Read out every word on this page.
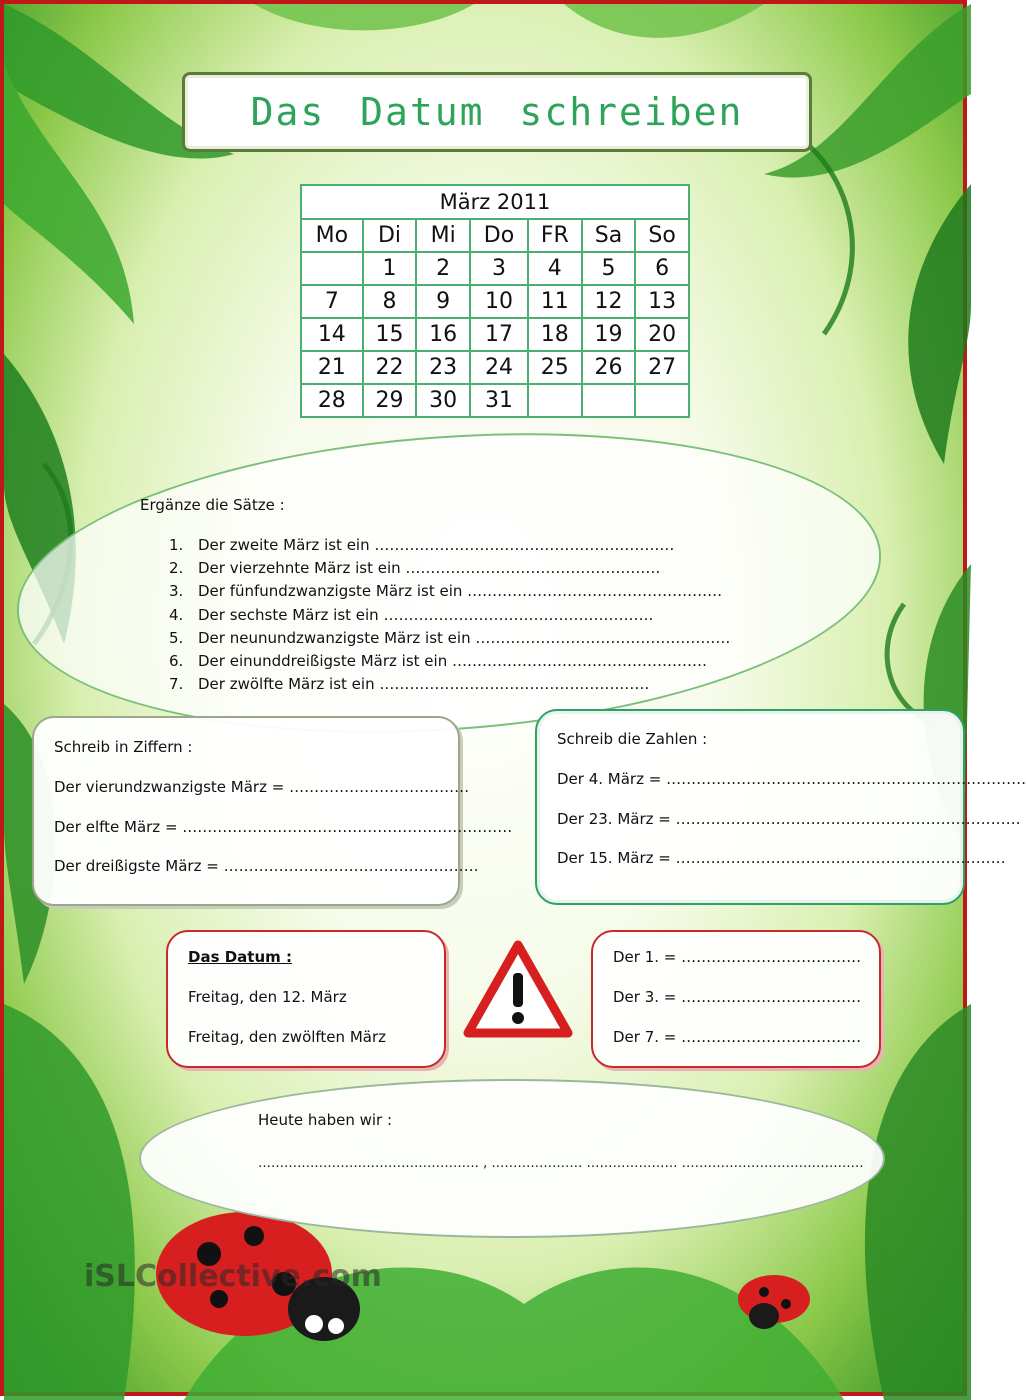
Das Datum schreiben
März 2011						
Mo	Di	Mi	Do	FR	Sa	So
	1	2	3	4	5	6
7	8	9	10	11	12	13
14	15	16	17	18	19	20
21	22	23	24	25	26	27
28	29	30	31			
Ergänze die Sätze :
1. Der zweite März ist ein ……………………………………………………
2. Der vierzehnte März ist ein ……………………………………………
3. Der fünfundzwanzigste März ist ein ……………………………………………
4. Der sechste März ist ein ………………………………………………
5. Der neunundzwanzigste März ist ein ……………………………………………
6. Der einunddreißigste März ist ein ……………………………………………
7. Der zwölfte März ist ein ………………………………………………
Schreib in Ziffern :
Der vierundzwanzigste März = ………………………………
Der elfte März = …………………………………………………………
Der dreißigste März = ……………………………………………
Schreib die Zahlen :
Der 4. März = ………………………………………………………………
Der 23. März = ……………………………………………………………
Der 15. März = …………………………………………………………
Das Datum :
Freitag, den 12. März
Freitag, den zwölften März
Der 1. = ………………………………
Der 3. = ………………………………
Der 7. = ………………………………
Heute haben wir :
…………………………………………… , ………………… ………………… ……………………………………
iSLCollective.com
